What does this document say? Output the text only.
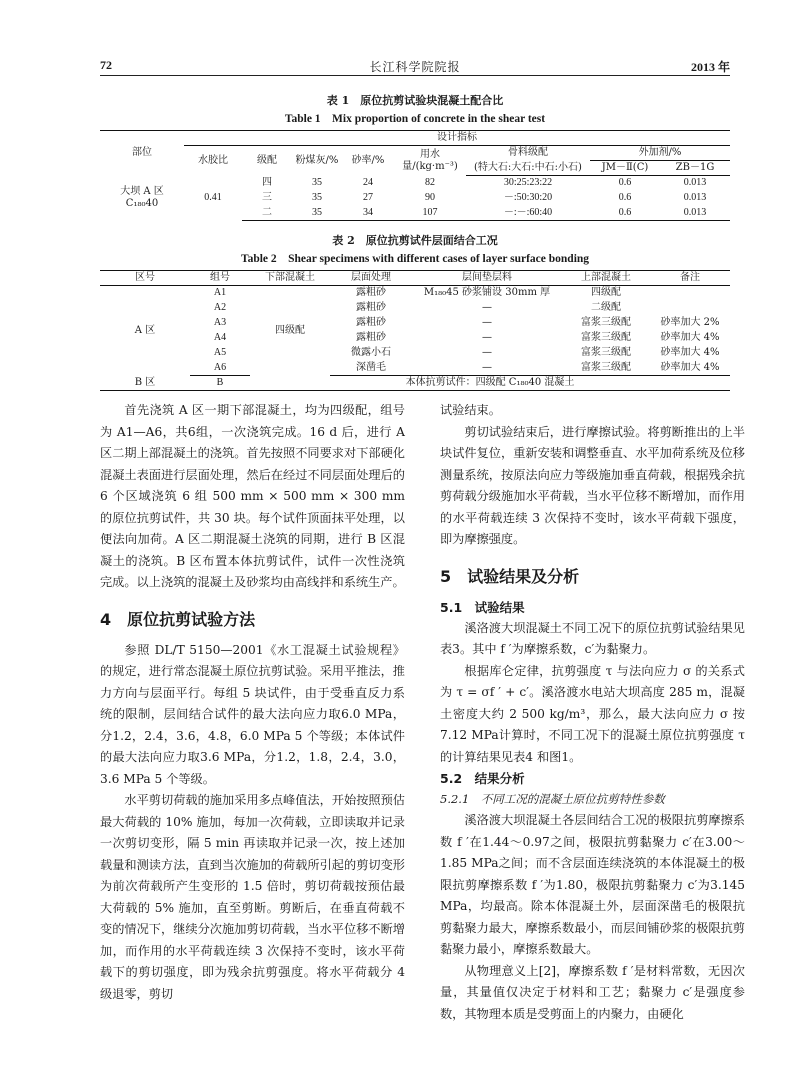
72	长江科学院院报	2013 年
表 1　原位抗剪试验块混凝土配合比
Table 1　Mix proportion of concrete in the shear test
部位	设计指标							
	水胶比	级配	粉煤灰/%	砂率/%	用水量/(kg·m⁻³)	骨料级配	外加剂/%	
						(特大石:大石:中石:小石)	JM－Ⅱ(C)	ZB－1G
大坝 A 区
C₁₈₀40	0.41	四	35	24	82	30:25:23:22	0.6	0.013
		三	35	27	90	－:50:30:20	0.6	0.013
		二	35	34	107	－:－:60:40	0.6	0.013
表 2　原位抗剪试件层面结合工况
Table 2　Shear specimens with different cases of layer surface bonding
区号	组号	下部混凝土	层面处理	层间垫层料	上部混凝土	备注
A 区	A1	四级配	露粗砂	M₁₈₀45 砂浆铺设 30mm 厚	四级配	
	A2		露粗砂	—	二级配	
	A3		露粗砂	—	富浆三级配	砂率加大 2%
	A4		露粗砂	—	富浆三级配	砂率加大 4%
	A5		微露小石	—	富浆三级配	砂率加大 4%
	A6		深凿毛	—	富浆三级配	砂率加大 4%
B 区	B	本体抗剪试件：四级配 C₁₈₀40 混凝土				

首先浇筑 A 区一期下部混凝土，均为四级配，组号为 A1—A6，共6组，一次浇筑完成。16 d 后，进行 A 区二期上部混凝土的浇筑。首先按照不同要求对下部硬化混凝土表面进行层面处理，然后在经过不同层面处理后的 6 个区域浇筑 6 组 500 mm × 500 mm × 300 mm 的原位抗剪试件，共 30 块。每个试件顶面抹平处理，以便法向加荷。A 区二期混凝土浇筑的同期，进行 B 区混凝土的浇筑。B 区布置本体抗剪试件，试件一次性浇筑完成。以上浇筑的混凝土及砂浆均由高线拌和系统生产。

4　原位抗剪试验方法

参照 DL/T 5150—2001《水工混凝土试验规程》的规定，进行常态混凝土原位抗剪试验。采用平推法，推力方向与层面平行。每组 5 块试件，由于受垂直反力系统的限制，层间结合试件的最大法向应力取6.0 MPa，分1.2，2.4，3.6，4.8，6.0 MPa 5 个等级；本体试件的最大法向应力取3.6 MPa，分1.2，1.8，2.4，3.0，3.6 MPa 5 个等级。

水平剪切荷载的施加采用多点峰值法，开始按照预估最大荷载的 10% 施加，每加一次荷载，立即读取并记录一次剪切变形，隔 5 min 再读取并记录一次，按上述加载量和测读方法，直到当次施加的荷载所引起的剪切变形为前次荷载所产生变形的 1.5 倍时，剪切荷载按预估最大荷载的 5% 施加，直至剪断。剪断后，在垂直荷载不变的情况下，继续分次施加剪切荷载，当水平位移不断增加，而作用的水平荷载连续 3 次保持不变时，该水平荷载下的剪切强度，即为残余抗剪强度。将水平荷载分 4 级退零，剪切

试验结束。

剪切试验结束后，进行摩擦试验。将剪断推出的上半块试件复位，重新安装和调整垂直、水平加荷系统及位移测量系统，按原法向应力等级施加垂直荷载，根据残余抗剪荷载分级施加水平荷载，当水平位移不断增加，而作用的水平荷载连续 3 次保持不变时，该水平荷载下强度，即为摩擦强度。

5　试验结果及分析
5.1　试验结果

溪洛渡大坝混凝土不同工况下的原位抗剪试验结果见表3。其中 f ′为摩擦系数，c′为黏聚力。

根据库仑定律，抗剪强度 τ 与法向应力 σ 的关系式为 τ = σf ′ + c′。溪洛渡水电站大坝高度 285 m，混凝土密度大约 2 500 kg/m³，那么，最大法向应力 σ 按7.12 MPa计算时，不同工况下的混凝土原位抗剪强度 τ 的计算结果见表4 和图1。

5.2　结果分析
5.2.1　不同工况的混凝土原位抗剪特性参数

溪洛渡大坝混凝土各层间结合工况的极限抗剪摩擦系数 f ′在1.44～0.97之间，极限抗剪黏聚力 c′在3.00～1.85 MPa之间；而不含层面连续浇筑的本体混凝土的极限抗剪摩擦系数 f ′为1.80，极限抗剪黏聚力 c′为3.145 MPa，均最高。除本体混凝土外，层面深凿毛的极限抗剪黏聚力最大，摩擦系数最小，而层间铺砂浆的极限抗剪黏聚力最小，摩擦系数最大。

从物理意义上[2]，摩擦系数 f ′是材料常数，无因次量，其量值仅决定于材料和工艺；黏聚力 c′是强度参数，其物理本质是受剪面上的内聚力，由硬化
